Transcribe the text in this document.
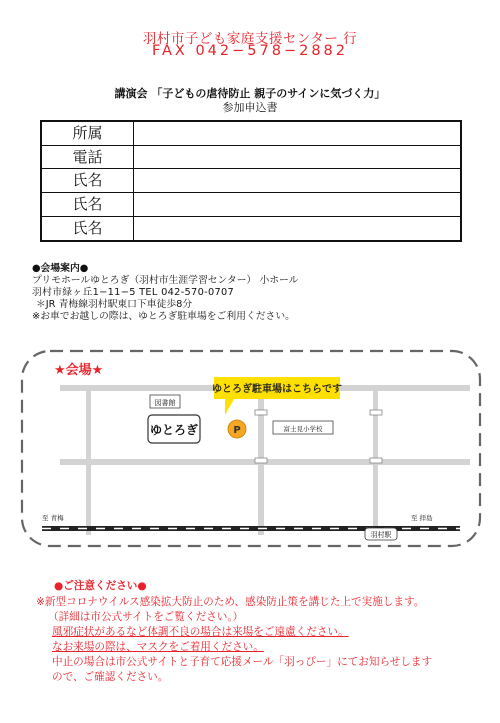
羽村市子ども家庭支援センター 行
FAX 042−578−2882
講演会 「子どもの虐待防止 親子のサインに気づく力」
参加申込書
所属
電話
氏名
氏名
氏名
●会場案内●
プリモホールゆとろぎ（羽村市生涯学習センター） 小ホール
羽村市緑ヶ丘1−11−5 TEL 042-570-0707
＊JR 青梅線羽村駅東口下車徒歩8分
※お車でお越しの際は、ゆとろぎ駐車場をご利用ください。
★会場★
ゆとろぎ駐車場はこちらです
図書館
ゆとろぎ	P	富士見小学校
至 青梅	至 拝島
羽村駅
●ご注意ください●
※新型コロナウイルス感染拡大防止のため、感染防止策を講じた上で実施します。
（詳細は市公式サイトをご覧ください。）
風邪症状があるなど体調不良の場合は来場をご遠慮ください。
なお来場の際は、マスクをご着用ください。
中止の場合は市公式サイトと子育て応援メール「羽っぴー」にてお知らせします
ので、ご確認ください。
